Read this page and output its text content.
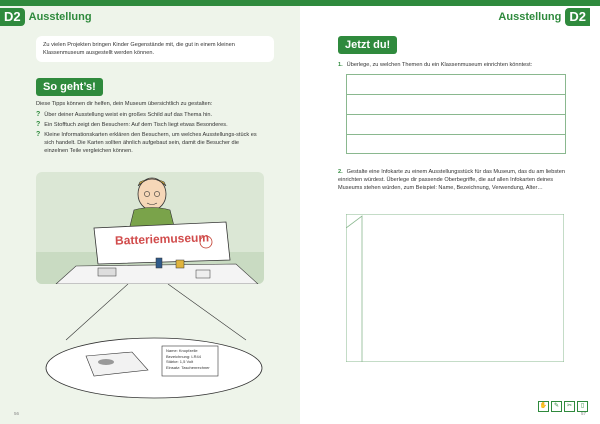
D2 Ausstellung
Zu vielen Projekten bringen Kinder Gegenstände mit, die gut in einem kleinen Klassenmuseum ausgestellt werden können.
So geht’s!
Diese Tipps können dir helfen, dein Museum übersichtlich zu gestalten:
? Über deiner Ausstellung weist ein großes Schild auf das Thema hin.
? Ein Stofftuch zeigt den Besuchern: Auf dem Tisch liegt etwas Besonderes.
? Kleine Informationskarten erklären den Besuchern, um welches Ausstellungs-stück es sich handelt. Die Karten sollten ähnlich aufgebaut sein, damit die Besucher die einzelnen Teile vergleichen können.
Batteriemuseum
Name: Knopfzelle
Bezeichnung: LR44
Stärke: 1,5 Volt
Einsatz: Taschenrechner
56
Ausstellung D2
Jetzt du!
1. Überlege, zu welchen Themen du ein Klassenmuseum einrichten könntest:
2. Gestalte eine Infokarte zu einem Ausstellungsstück für das Museum, das du am liebsten einrichten würdest. Überlege dir passende Oberbegriffe, die auf allen Infokarten deines Museums stehen würden, zum Beispiel: Name, Bezeichnung, Verwendung, Alter…
✋	✎	✂	▯
57
